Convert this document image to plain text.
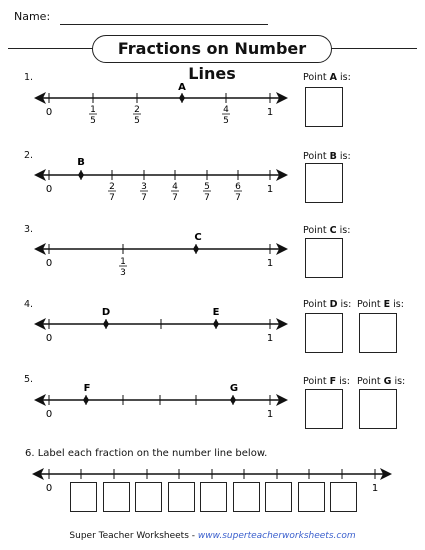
Name:
Fractions on Number Lines
1.
2.
3.
4.
5.
Point A is:
Point B is:
Point C is:
Point D is: Point E is:
Point F is: Point G is:
6. Label each fraction on the number line below.
A
0	1
1
5
2
5
4
5
B
0	1
2
7
3
7
4
7
5
7
6
7
C
0	1
1
3
D	E
0	1
F	G
0	1
0	1
Super Teacher Worksheets - www.superteacherworksheets.com
